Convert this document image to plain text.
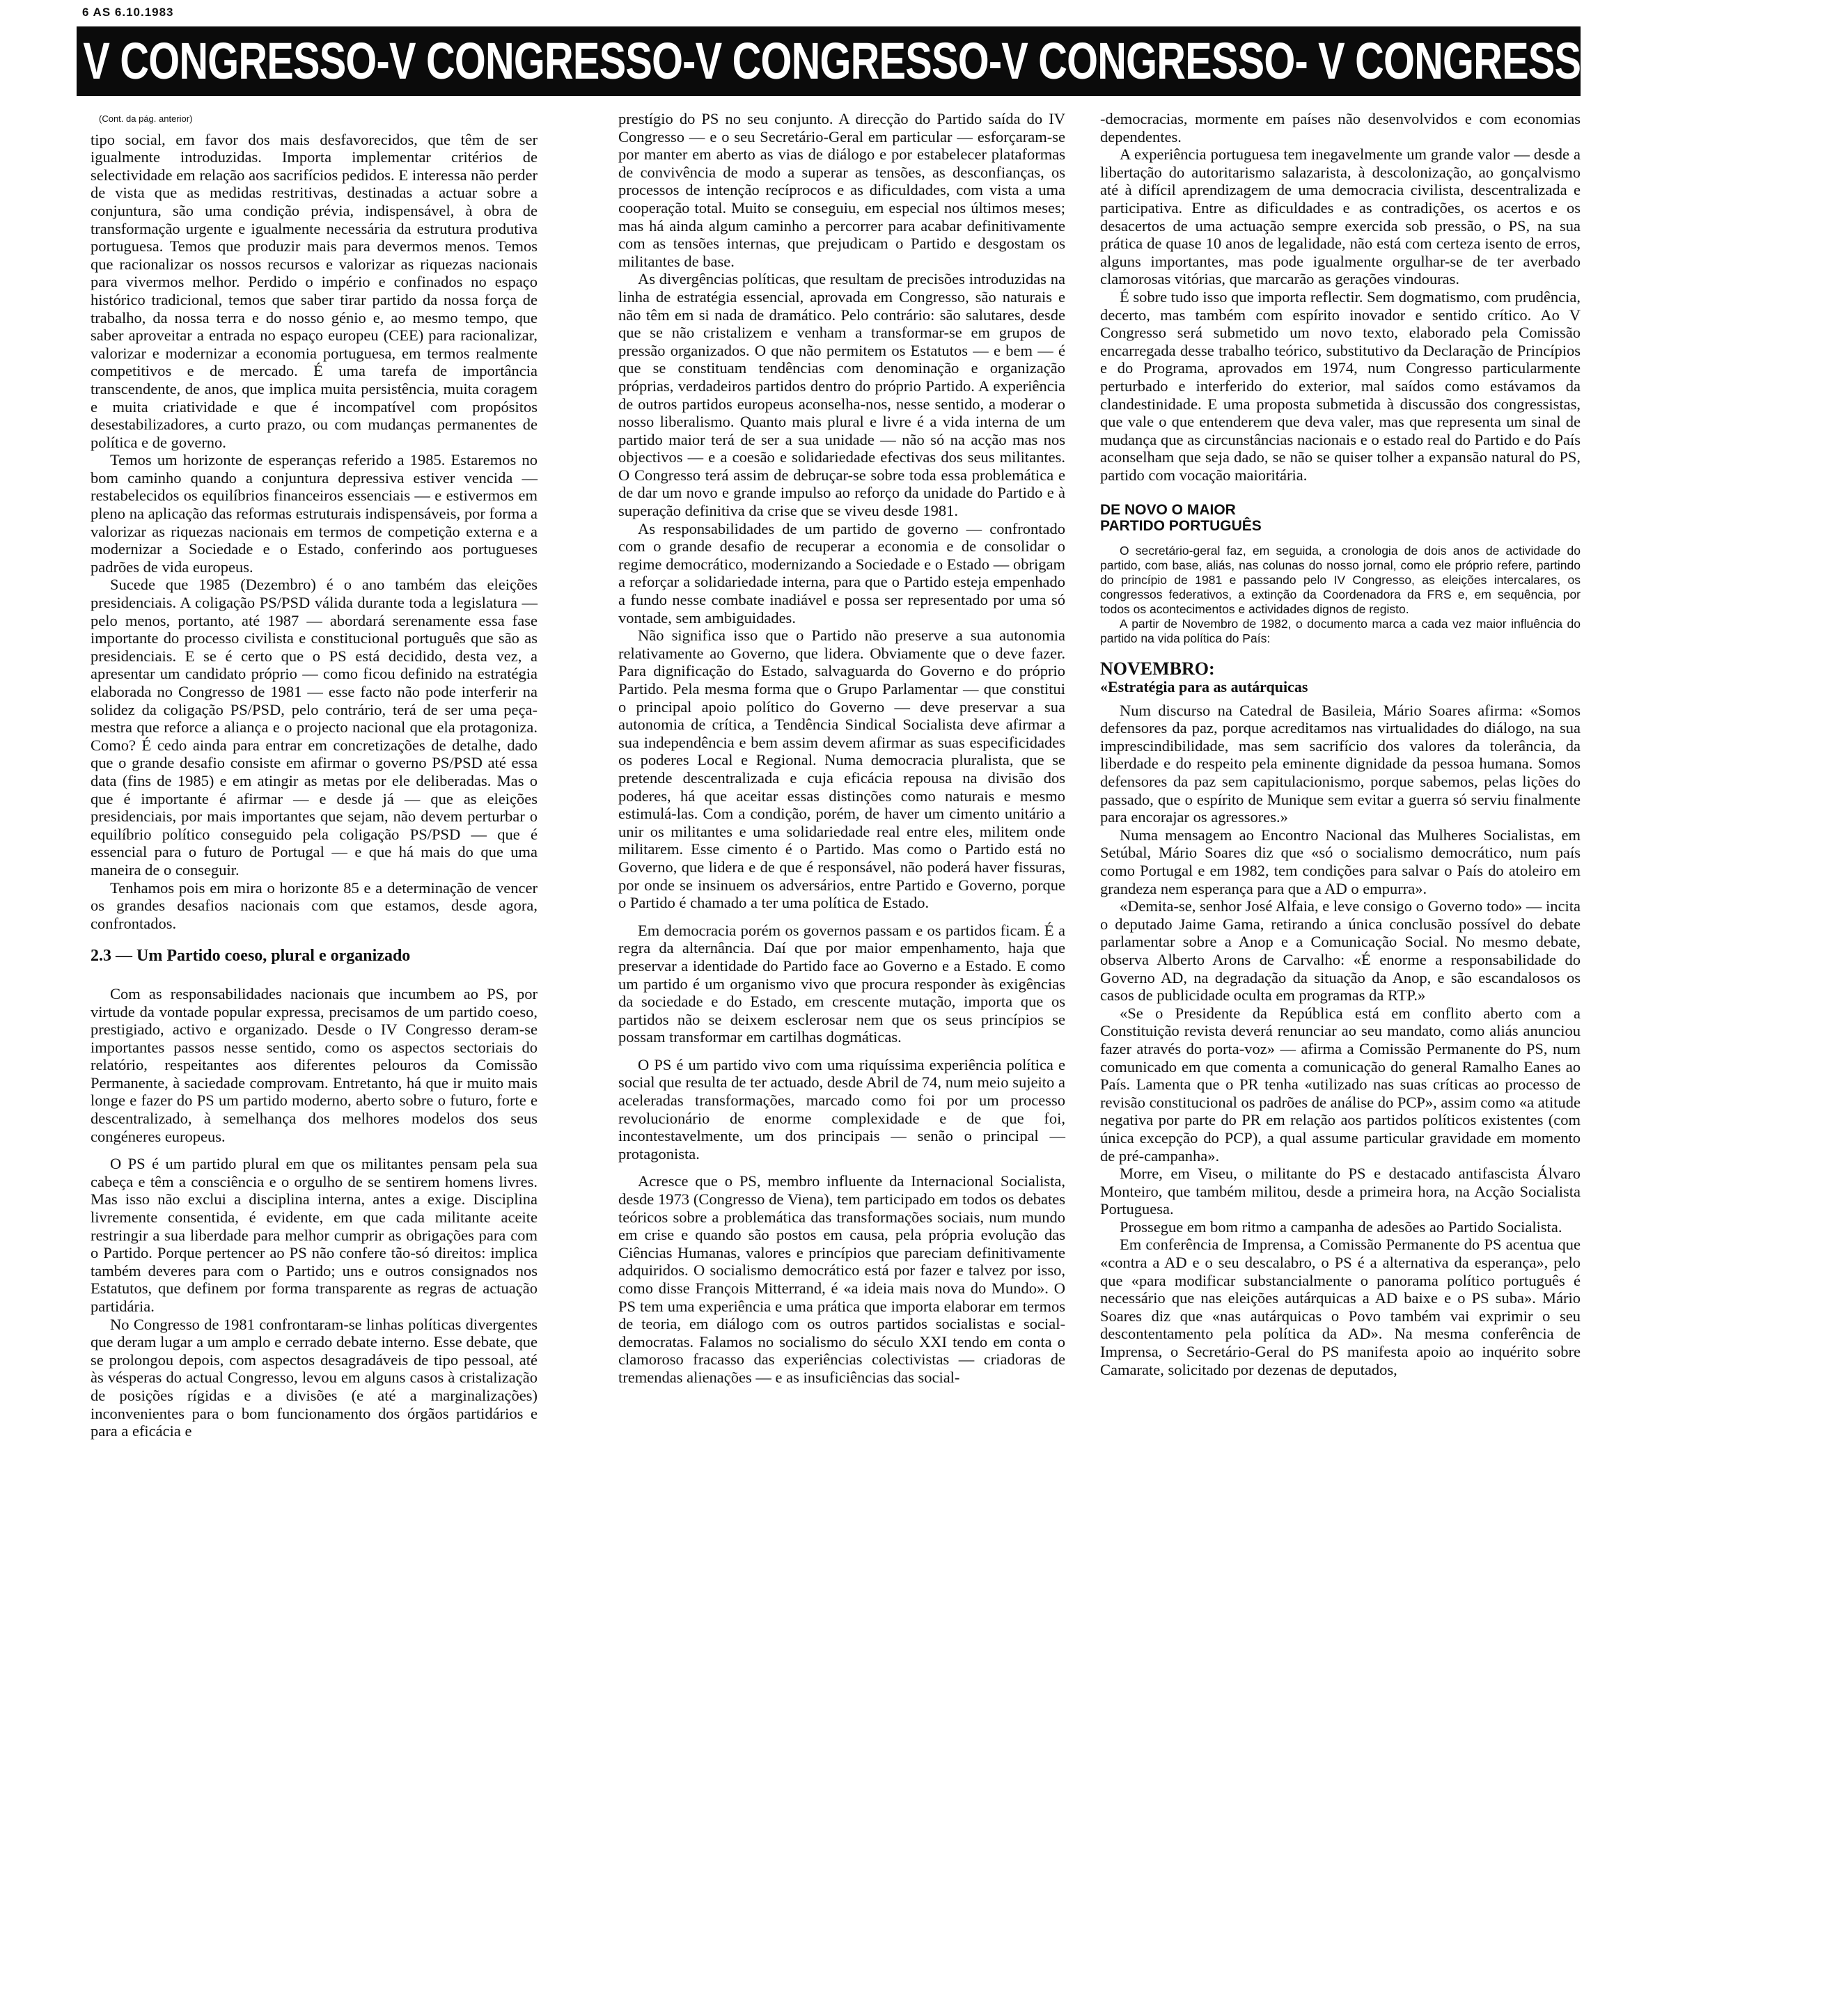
6 AS 6.10.1983
V CONGRESSO-V CONGRESSO-V CONGRESSO-V CONGRESSO- V CONGRESSO-V CONGRE
(Cont. da pág. anterior)

tipo social, em favor dos mais desfavorecidos, que têm de ser igualmente introduzidas. Importa implementar critérios de selectividade em relação aos sacrifícios pedidos. E interessa não perder de vista que as medidas restritivas, destinadas a actuar sobre a conjuntura, são uma condição prévia, indispensável, à obra de transformação urgente e igualmente necessária da estrutura produtiva portuguesa. Temos que produzir mais para devermos menos. Temos que racionalizar os nossos recursos e valorizar as riquezas nacionais para vivermos melhor. Perdido o império e confinados no espaço histórico tradicional, temos que saber tirar partido da nossa força de trabalho, da nossa terra e do nosso génio e, ao mesmo tempo, que saber aproveitar a entrada no espaço europeu (CEE) para racionalizar, valorizar e modernizar a economia portuguesa, em termos realmente competitivos e de mercado. É uma tarefa de importância transcendente, de anos, que implica muita persistência, muita coragem e muita criatividade e que é incompatível com propósitos desestabilizadores, a curto prazo, ou com mudanças permanentes de política e de governo.

Temos um horizonte de esperanças referido a 1985. Estaremos no bom caminho quando a conjuntura depressiva estiver vencida — restabelecidos os equilíbrios financeiros essenciais — e estivermos em pleno na aplicação das reformas estruturais indispensáveis, por forma a valorizar as riquezas nacionais em termos de competição externa e a modernizar a Sociedade e o Estado, conferindo aos portugueses padrões de vida europeus.

Sucede que 1985 (Dezembro) é o ano também das eleições presidenciais. A coligação PS/PSD válida durante toda a legislatura — pelo menos, portanto, até 1987 — abordará serenamente essa fase importante do processo civilista e constitucional português que são as presidenciais. E se é certo que o PS está decidido, desta vez, a apresentar um candidato próprio — como ficou definido na estratégia elaborada no Congresso de 1981 — esse facto não pode interferir na solidez da coligação PS/PSD, pelo contrário, terá de ser uma peça-mestra que reforce a aliança e o projecto nacional que ela protagoniza. Como? É cedo ainda para entrar em concretizações de detalhe, dado que o grande desafio consiste em afirmar o governo PS/PSD até essa data (fins de 1985) e em atingir as metas por ele deliberadas. Mas o que é importante é afirmar — e desde já — que as eleições presidenciais, por mais importantes que sejam, não devem perturbar o equilíbrio político conseguido pela coligação PS/PSD — que é essencial para o futuro de Portugal — e que há mais do que uma maneira de o conseguir.

Tenhamos pois em mira o horizonte 85 e a determinação de vencer os grandes desafios nacionais com que estamos, desde agora, confrontados.

2.3 — Um Partido coeso, plural e organizado

Com as responsabilidades nacionais que incumbem ao PS, por virtude da vontade popular expressa, precisamos de um partido coeso, prestigiado, activo e organizado. Desde o IV Congresso deram-se importantes passos nesse sentido, como os aspectos sectoriais do relatório, respeitantes aos diferentes pelouros da Comissão Permanente, à saciedade comprovam. Entretanto, há que ir muito mais longe e fazer do PS um partido moderno, aberto sobre o futuro, forte e descentralizado, à semelhança dos melhores modelos dos seus congéneres europeus.

O PS é um partido plural em que os militantes pensam pela sua cabeça e têm a consciência e o orgulho de se sentirem homens livres. Mas isso não exclui a disciplina interna, antes a exige. Disciplina livremente consentida, é evidente, em que cada militante aceite restringir a sua liberdade para melhor cumprir as obrigações para com o Partido. Porque pertencer ao PS não confere tão-só direitos: implica também deveres para com o Partido; uns e outros consignados nos Estatutos, que definem por forma transparente as regras de actuação partidária.

No Congresso de 1981 confrontaram-se linhas políticas divergentes que deram lugar a um amplo e cerrado debate interno. Esse debate, que se prolongou depois, com aspectos desagradáveis de tipo pessoal, até às vésperas do actual Congresso, levou em alguns casos à cristalização de posições rígidas e a divisões (e até a marginalizações) inconvenientes para o bom funcionamento dos órgãos partidários e para a eficácia e

prestígio do PS no seu conjunto. A direcção do Partido saída do IV Congresso — e o seu Secretário-Geral em particular — esforçaram-se por manter em aberto as vias de diálogo e por estabelecer plataformas de convivência de modo a superar as tensões, as desconfianças, os processos de intenção recíprocos e as dificuldades, com vista a uma cooperação total. Muito se conseguiu, em especial nos últimos meses; mas há ainda algum caminho a percorrer para acabar definitivamente com as tensões internas, que prejudicam o Partido e desgostam os militantes de base.

As divergências políticas, que resultam de precisões introduzidas na linha de estratégia essencial, aprovada em Congresso, são naturais e não têm em si nada de dramático. Pelo contrário: são salutares, desde que se não cristalizem e venham a transformar-se em grupos de pressão organizados. O que não permitem os Estatutos — e bem — é que se constituam tendências com denominação e organização próprias, verdadeiros partidos dentro do próprio Partido. A experiência de outros partidos europeus aconselha-nos, nesse sentido, a moderar o nosso liberalismo. Quanto mais plural e livre é a vida interna de um partido maior terá de ser a sua unidade — não só na acção mas nos objectivos — e a coesão e solidariedade efectivas dos seus militantes. O Congresso terá assim de debruçar-se sobre toda essa problemática e de dar um novo e grande impulso ao reforço da unidade do Partido e à superação definitiva da crise que se viveu desde 1981.

As responsabilidades de um partido de governo — confrontado com o grande desafio de recuperar a economia e de consolidar o regime democrático, modernizando a Sociedade e o Estado — obrigam a reforçar a solidariedade interna, para que o Partido esteja empenhado a fundo nesse combate inadiável e possa ser representado por uma só vontade, sem ambiguidades.

Não significa isso que o Partido não preserve a sua autonomia relativamente ao Governo, que lidera. Obviamente que o deve fazer. Para dignificação do Estado, salvaguarda do Governo e do próprio Partido. Pela mesma forma que o Grupo Parlamentar — que constitui o principal apoio político do Governo — deve preservar a sua autonomia de crítica, a Tendência Sindical Socialista deve afirmar a sua independência e bem assim devem afirmar as suas especificidades os poderes Local e Regional. Numa democracia pluralista, que se pretende descentralizada e cuja eficácia repousa na divisão dos poderes, há que aceitar essas distinções como naturais e mesmo estimulá-las. Com a condição, porém, de haver um cimento unitário a unir os militantes e uma solidariedade real entre eles, militem onde militarem. Esse cimento é o Partido. Mas como o Partido está no Governo, que lidera e de que é responsável, não poderá haver fissuras, por onde se insinuem os adversários, entre Partido e Governo, porque o Partido é chamado a ter uma política de Estado.

Em democracia porém os governos passam e os partidos ficam. É a regra da alternância. Daí que por maior empenhamento, haja que preservar a identidade do Partido face ao Governo e a Estado. E como um partido é um organismo vivo que procura responder às exigências da sociedade e do Estado, em crescente mutação, importa que os partidos não se deixem esclerosar nem que os seus princípios se possam transformar em cartilhas dogmáticas.

O PS é um partido vivo com uma riquíssima experiência política e social que resulta de ter actuado, desde Abril de 74, num meio sujeito a aceleradas transformações, marcado como foi por um processo revolucionário de enorme complexidade e de que foi, incontestavelmente, um dos principais — senão o principal — protagonista.

Acresce que o PS, membro influente da Internacional Socialista, desde 1973 (Congresso de Viena), tem participado em todos os debates teóricos sobre a problemática das transformações sociais, num mundo em crise e quando são postos em causa, pela própria evolução das Ciências Humanas, valores e princípios que pareciam definitivamente adquiridos. O socialismo democrático está por fazer e talvez por isso, como disse François Mitterrand, é «a ideia mais nova do Mundo». O PS tem uma experiência e uma prática que importa elaborar em termos de teoria, em diálogo com os outros partidos socialistas e social-democratas. Falamos no socialismo do século XXI tendo em conta o clamoroso fracasso das experiências colectivistas — criadoras de tremendas alienações — e as insuficiências das social-

-democracias, mormente em países não desenvolvidos e com economias dependentes.

A experiência portuguesa tem inegavelmente um grande valor — desde a libertação do autoritarismo salazarista, à descolonização, ao gonçalvismo até à difícil aprendizagem de uma democracia civilista, descentralizada e participativa. Entre as dificuldades e as contradições, os acertos e os desacertos de uma actuação sempre exercida sob pressão, o PS, na sua prática de quase 10 anos de legalidade, não está com certeza isento de erros, alguns importantes, mas pode igualmente orgulhar-se de ter averbado clamorosas vitórias, que marcarão as gerações vindouras.

É sobre tudo isso que importa reflectir. Sem dogmatismo, com prudência, decerto, mas também com espírito inovador e sentido crítico. Ao V Congresso será submetido um novo texto, elaborado pela Comissão encarregada desse trabalho teórico, substitutivo da Declaração de Princípios e do Programa, aprovados em 1974, num Congresso particularmente perturbado e interferido do exterior, mal saídos como estávamos da clandestinidade. E uma proposta submetida à discussão dos congressistas, que vale o que entenderem que deva valer, mas que representa um sinal de mudança que as circunstâncias nacionais e o estado real do Partido e do País aconselham que seja dado, se não se quiser tolher a expansão natural do PS, partido com vocação maioritária.

DE NOVO O MAIOR
PARTIDO PORTUGUÊS

O secretário-geral faz, em seguida, a cronologia de dois anos de actividade do partido, com base, aliás, nas colunas do nosso jornal, como ele próprio refere, partindo do princípio de 1981 e passando pelo IV Congresso, as eleições intercalares, os congressos federativos, a extinção da Coordenadora da FRS e, em sequência, por todos os acontecimentos e actividades dignos de registo.

A partir de Novembro de 1982, o documento marca a cada vez maior influência do partido na vida política do País:

NOVEMBRO:
«Estratégia para as autárquicas

Num discurso na Catedral de Basileia, Mário Soares afirma: «Somos defensores da paz, porque acreditamos nas virtualidades do diálogo, na sua imprescindibilidade, mas sem sacrifício dos valores da tolerância, da liberdade e do respeito pela eminente dignidade da pessoa humana. Somos defensores da paz sem capitulacionismo, porque sabemos, pelas lições do passado, que o espírito de Munique sem evitar a guerra só serviu finalmente para encorajar os agressores.»

Numa mensagem ao Encontro Nacional das Mulheres Socialistas, em Setúbal, Mário Soares diz que «só o socialismo democrático, num país como Portugal e em 1982, tem condições para salvar o País do atoleiro em grandeza nem esperança para que a AD o empurra».

«Demita-se, senhor José Alfaia, e leve consigo o Governo todo» — incita o deputado Jaime Gama, retirando a única conclusão possível do debate parlamentar sobre a Anop e a Comunicação Social. No mesmo debate, observa Alberto Arons de Carvalho: «É enorme a responsabilidade do Governo AD, na degradação da situação da Anop, e são escandalosos os casos de publicidade oculta em programas da RTP.»

«Se o Presidente da República está em conflito aberto com a Constituição revista deverá renunciar ao seu mandato, como aliás anunciou fazer através do porta-voz» — afirma a Comissão Permanente do PS, num comunicado em que comenta a comunicação do general Ramalho Eanes ao País. Lamenta que o PR tenha «utilizado nas suas críticas ao processo de revisão constitucional os padrões de análise do PCP», assim como «a atitude negativa por parte do PR em relação aos partidos políticos existentes (com única excepção do PCP), a qual assume particular gravidade em momento de pré-campanha».

Morre, em Viseu, o militante do PS e destacado antifascista Álvaro Monteiro, que também militou, desde a primeira hora, na Acção Socialista Portuguesa.

Prossegue em bom ritmo a campanha de adesões ao Partido Socialista.

Em conferência de Imprensa, a Comissão Permanente do PS acentua que «contra a AD e o seu descalabro, o PS é a alternativa da esperança», pelo que «para modificar substancialmente o panorama político português é necessário que nas eleições autárquicas a AD baixe e o PS suba». Mário Soares diz que «nas autárquicas o Povo também vai exprimir o seu descontentamento pela política da AD». Na mesma conferência de Imprensa, o Secretário-Geral do PS manifesta apoio ao inquérito sobre Camarate, solicitado por dezenas de deputados,
